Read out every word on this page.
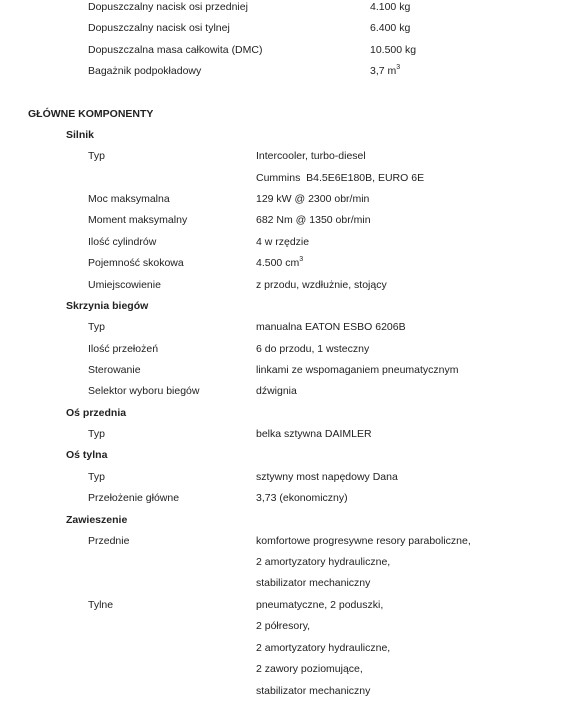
Dopuszczalny nacisk osi przedniej	4.100 kg
Dopuszczalny nacisk osi tylnej	6.400 kg
Dopuszczalna masa całkowita (DMC)	10.500 kg
Bagażnik podpokładowy	3,7 $m^3$
GŁÓWNE KOMPONENTY
Silnik
Typ	Intercooler, turbo-diesel
Cummins  B4.5E6E180B, EURO 6E
Moc maksymalna	129 kW @ 2300 obr/min
Moment maksymalny	682 Nm @ 1350 obr/min
Ilość cylindrów	4 w rzędzie
Pojemność skokowa	4.500 $cm^3$
Umiejscowienie	z przodu, wzdłużnie, stojący
Skrzynia biegów
Typ	manualna EATON ESBO 6206B
Ilość przełożeń	6 do przodu, 1 wsteczny
Sterowanie	linkami ze wspomaganiem pneumatycznym
Selektor wyboru biegów	dźwignia
Oś przednia
Typ	belka sztywna DAIMLER
Oś tylna
Typ	sztywny most napędowy Dana
Przełożenie główne	3,73 (ekonomiczny)
Zawieszenie
Przednie	komfortowe progresywne resory paraboliczne,
2 amortyzatory hydrauliczne,
stabilizator mechaniczny
Tylne	pneumatyczne, 2 poduszki,
2 półresory,
2 amortyzatory hydrauliczne,
2 zawory poziomujące,
stabilizator mechaniczny
